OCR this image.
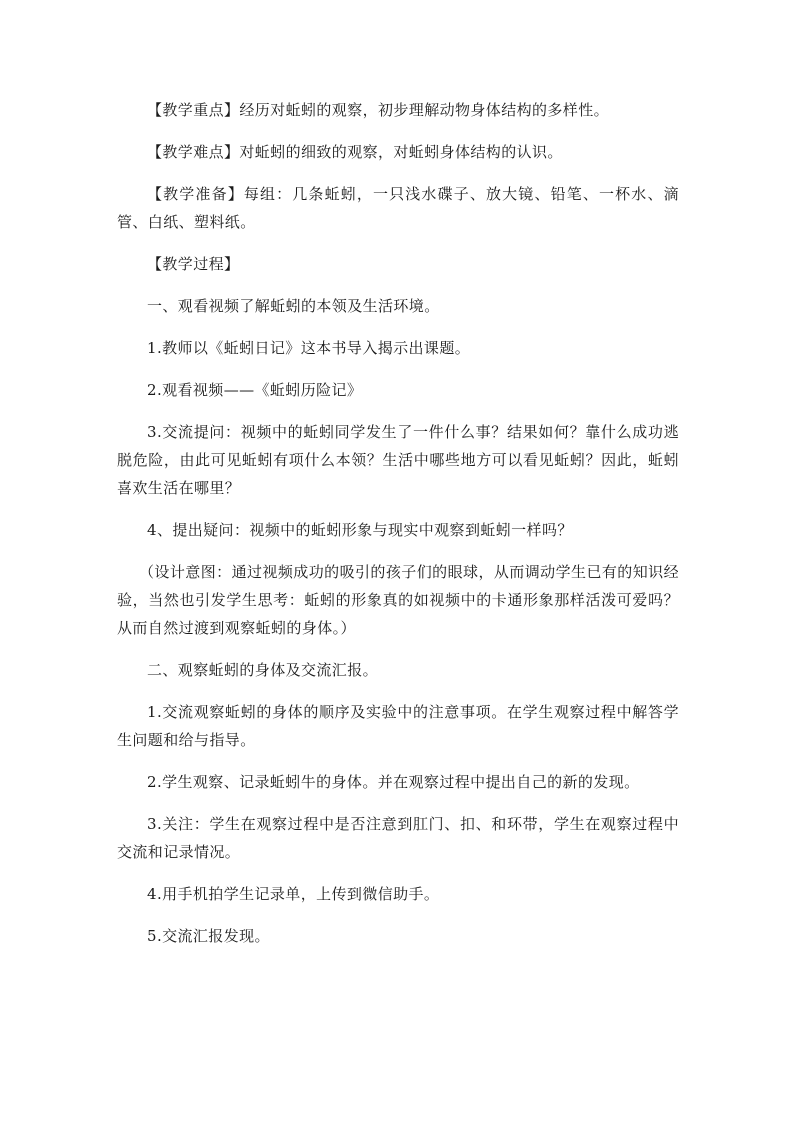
【教学重点】经历对蚯蚓的观察，初步理解动物身体结构的多样性。

【教学难点】对蚯蚓的细致的观察，对蚯蚓身体结构的认识。

【教学准备】每组：几条蚯蚓，一只浅水碟子、放大镜、铅笔、一杯水、滴管、白纸、塑料纸。

【教学过程】

一、观看视频了解蚯蚓的本领及生活环境。

1.教师以《蚯蚓日记》这本书导入揭示出课题。

2.观看视频——《蚯蚓历险记》

3.交流提问：视频中的蚯蚓同学发生了一件什么事？结果如何？靠什么成功逃脱危险，由此可见蚯蚓有项什么本领？生活中哪些地方可以看见蚯蚓？因此，蚯蚓喜欢生活在哪里？

4、提出疑问：视频中的蚯蚓形象与现实中观察到蚯蚓一样吗？

（设计意图：通过视频成功的吸引的孩子们的眼球，从而调动学生已有的知识经验，当然也引发学生思考：蚯蚓的形象真的如视频中的卡通形象那样活泼可爱吗？从而自然过渡到观察蚯蚓的身体。）

二、观察蚯蚓的身体及交流汇报。

1.交流观察蚯蚓的身体的顺序及实验中的注意事项。在学生观察过程中解答学生问题和给与指导。

2.学生观察、记录蚯蚓牛的身体。并在观察过程中提出自己的新的发现。

3.关注：学生在观察过程中是否注意到肛门、扣、和环带，学生在观察过程中交流和记录情况。

4.用手机拍学生记录单，上传到微信助手。

5.交流汇报发现。
